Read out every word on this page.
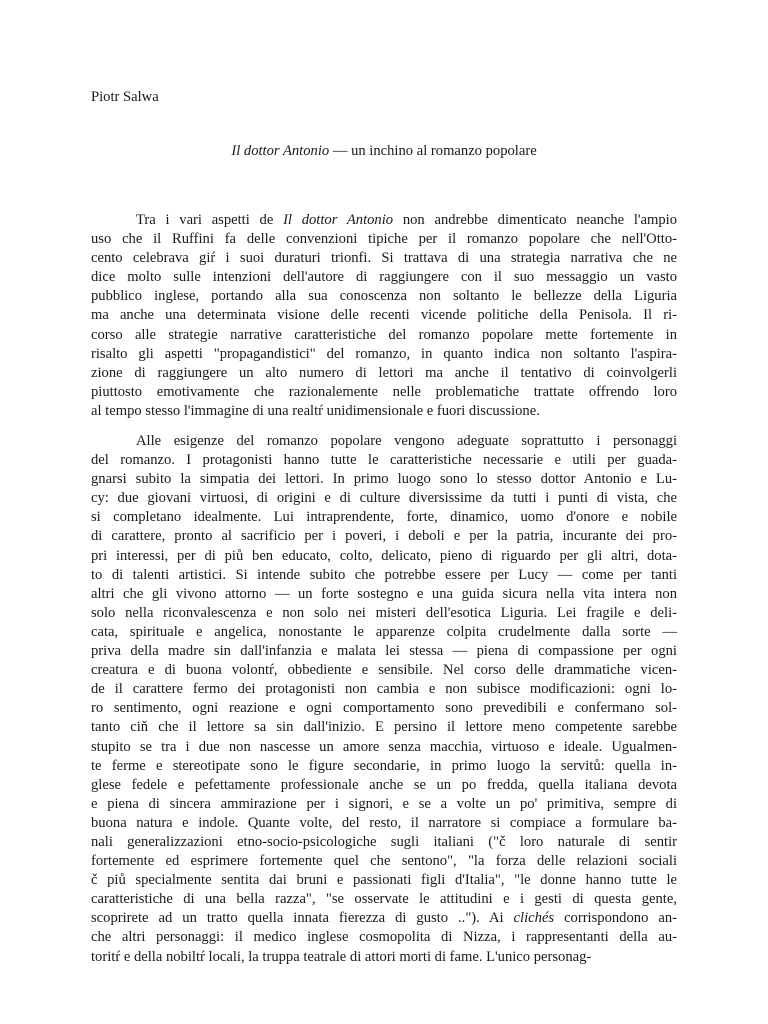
Piotr Salwa

Il dottor Antonio — un inchino al romanzo popolare
Tra i vari aspetti de Il dottor Antonio non andrebbe dimenticato neanche l'ampio
uso che il Ruffini fa delle convenzioni tipiche per il romanzo popolare che nell'Otto-
cento celebrava giŕ i suoi duraturi trionfi. Si trattava di una strategia narrativa che ne
dice molto sulle intenzioni dell'autore di raggiungere con il suo messaggio un vasto
pubblico inglese, portando alla sua conoscenza non soltanto le bellezze della Liguria
ma anche una determinata visione delle recenti vicende politiche della Penisola. Il ri-
corso alle strategie narrative caratteristiche del romanzo popolare mette fortemente in
risalto gli aspetti "propagandistici" del romanzo, in quanto indica non soltanto l'aspira-
zione di raggiungere un alto numero di lettori ma anche il tentativo di coinvolgerli
piuttosto emotivamente che razionalemente nelle problematiche trattate offrendo loro
al tempo stesso l'immagine di una realtŕ unidimensionale e fuori discussione.
Alle esigenze del romanzo popolare vengono adeguate soprattutto i personaggi
del romanzo. I protagonisti hanno tutte le caratteristiche necessarie e utili per guada-
gnarsi subito la simpatia dei lettori. In primo luogo sono lo stesso dottor Antonio e Lu-
cy: due giovani virtuosi, di origini e di culture diversissime da tutti i punti di vista, che
si completano idealmente. Lui intraprendente, forte, dinamico, uomo d'onore e nobile
di carattere, pronto al sacrificio per i poveri, i deboli e per la patria, incurante dei pro-
pri interessi, per di piů ben educato, colto, delicato, pieno di riguardo per gli altri, dota-
to di talenti artistici. Si intende subito che potrebbe essere per Lucy — come per tanti
altri che gli vivono attorno — un forte sostegno e una guida sicura nella vita intera non
solo nella riconvalescenza e non solo nei misteri dell'esotica Liguria. Lei fragile e deli-
cata, spirituale e angelica, nonostante le apparenze colpita crudelmente dalla sorte —
priva della madre sin dall'infanzia e malata lei stessa — piena di compassione per ogni
creatura e di buona volontŕ, obbediente e sensibile. Nel corso delle drammatiche vicen-
de il carattere fermo dei protagonisti non cambia e non subisce modificazioni: ogni lo-
ro sentimento, ogni reazione e ogni comportamento sono prevedibili e confermano sol-
tanto ciň che il lettore sa sin dall'inizio. E persino il lettore meno competente sarebbe
stupito se tra i due non nascesse un amore senza macchia, virtuoso e ideale. Ugualmen-
te ferme e stereotipate sono le figure secondarie, in primo luogo la servitů: quella in-
glese fedele e pefettamente professionale anche se un po fredda, quella italiana devota
e piena di sincera ammirazione per i signori, e se a volte un po' primitiva, sempre di
buona natura e indole. Quante volte, del resto, il narratore si compiace a formulare ba-
nali generalizzazioni etno-socio-psicologiche sugli italiani ("č loro naturale di sentir
fortemente ed esprimere fortemente quel che sentono", "la forza delle relazioni sociali
č piů specialmente sentita dai bruni e passionati figli d'Italia", "le donne hanno tutte le
caratteristiche di una bella razza", "se osservate le attitudini e i gesti di questa gente,
scoprirete ad un tratto quella innata fierezza di gusto .."). Ai clichés corrispondono an-
che altri personaggi: il medico inglese cosmopolita di Nizza, i rappresentanti della au-
toritŕ e della nobiltŕ locali, la truppa teatrale di attori morti di fame. L'unico personag-
